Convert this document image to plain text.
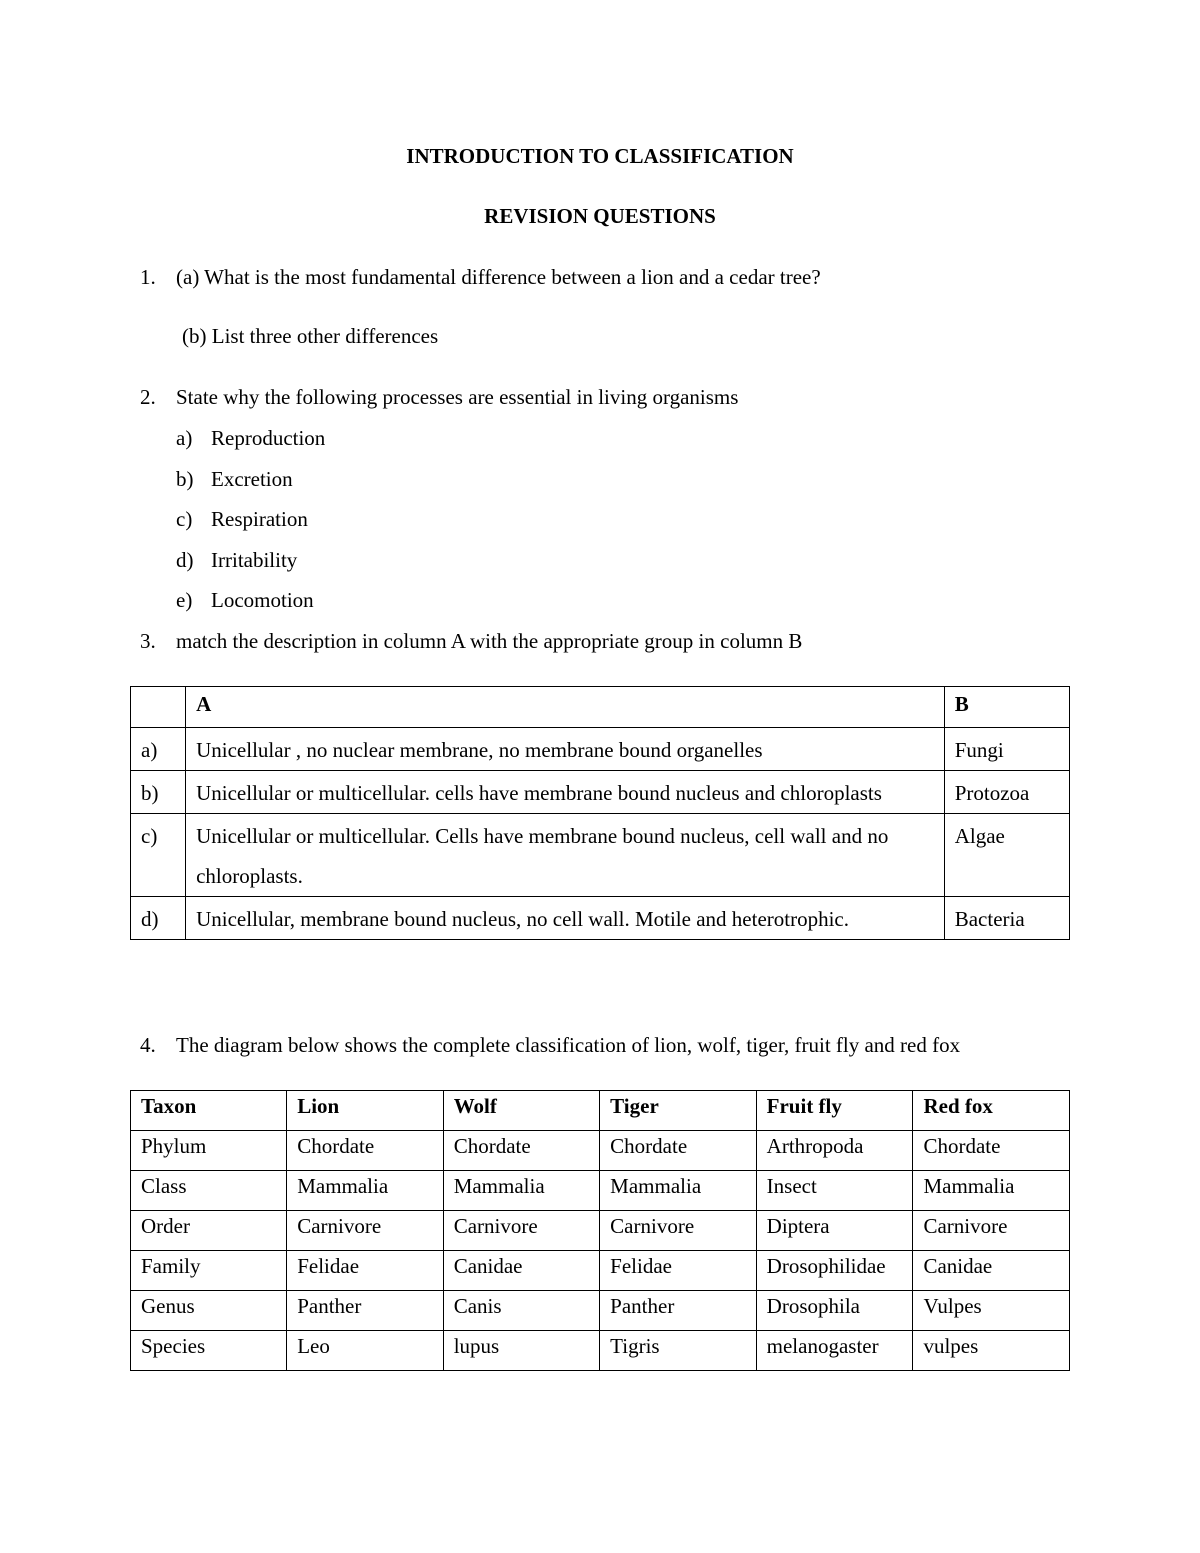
INTRODUCTION TO CLASSIFICATION
REVISION QUESTIONS
1. (a) What is the most fundamental difference between a lion and a cedar tree?
(b) List three other differences
2. State why the following processes are essential in living organisms
a) Reproduction
b) Excretion
c) Respiration
d) Irritability
e) Locomotion
3. match the description in column A with the appropriate group in column B
	A	B
a)	Unicellular , no nuclear membrane, no membrane bound organelles	Fungi
b)	Unicellular or multicellular. cells have membrane bound nucleus and chloroplasts	Protozoa
c)	Unicellular or multicellular. Cells have membrane bound nucleus, cell wall and no chloroplasts.	Algae
d)	Unicellular, membrane bound nucleus, no cell wall. Motile and heterotrophic.	Bacteria
4. The diagram below shows the complete classification of lion, wolf, tiger, fruit fly and red fox
Taxon	Lion	Wolf	Tiger	Fruit fly	Red fox
Phylum	Chordate	Chordate	Chordate	Arthropoda	Chordate
Class	Mammalia	Mammalia	Mammalia	Insect	Mammalia
Order	Carnivore	Carnivore	Carnivore	Diptera	Carnivore
Family	Felidae	Canidae	Felidae	Drosophilidae	Canidae
Genus	Panther	Canis	Panther	Drosophila	Vulpes
Species	Leo	lupus	Tigris	melanogaster	vulpes
